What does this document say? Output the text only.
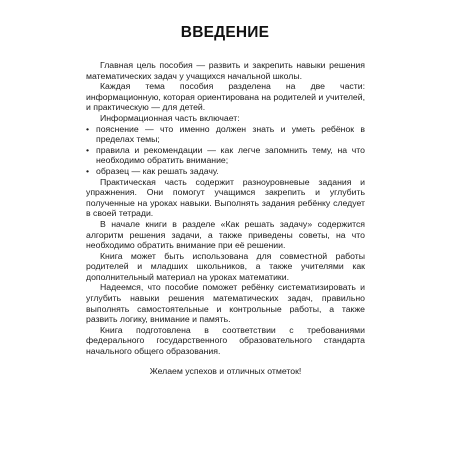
ВВЕДЕНИЕ

Главная цель пособия — развить и закрепить навыки решения математических задач у учащихся начальной школы.

Каждая тема пособия разделена на две части: информационную, которая ориентирована на родителей и учителей, и практическую — для детей.

Информационная часть включает:

• пояснение — что именно должен знать и уметь ребёнок в пределах темы;
• правила и рекомендации — как легче запомнить тему, на что необходимо обратить внимание;
• образец — как решать задачу.

Практическая часть содержит разноуровневые задания и упражнения. Они помогут учащимся закрепить и углубить полученные на уроках навыки. Выполнять задания ребёнку следует в своей тетради.

В начале книги в разделе «Как решать задачу» содержится алгоритм решения задачи, а также приведены советы, на что необходимо обратить внимание при её решении.

Книга может быть использована для совместной работы родителей и младших школьников, а также учителями как дополнительный материал на уроках математики.

Надеемся, что пособие поможет ребёнку систематизировать и углубить навыки решения математических задач, правильно выполнять самостоятельные и контрольные работы, а также развить логику, внимание и память.

Книга подготовлена в соответствии с требованиями федерального государственного образовательного стандарта начального общего образования.

Желаем успехов и отличных отметок!
